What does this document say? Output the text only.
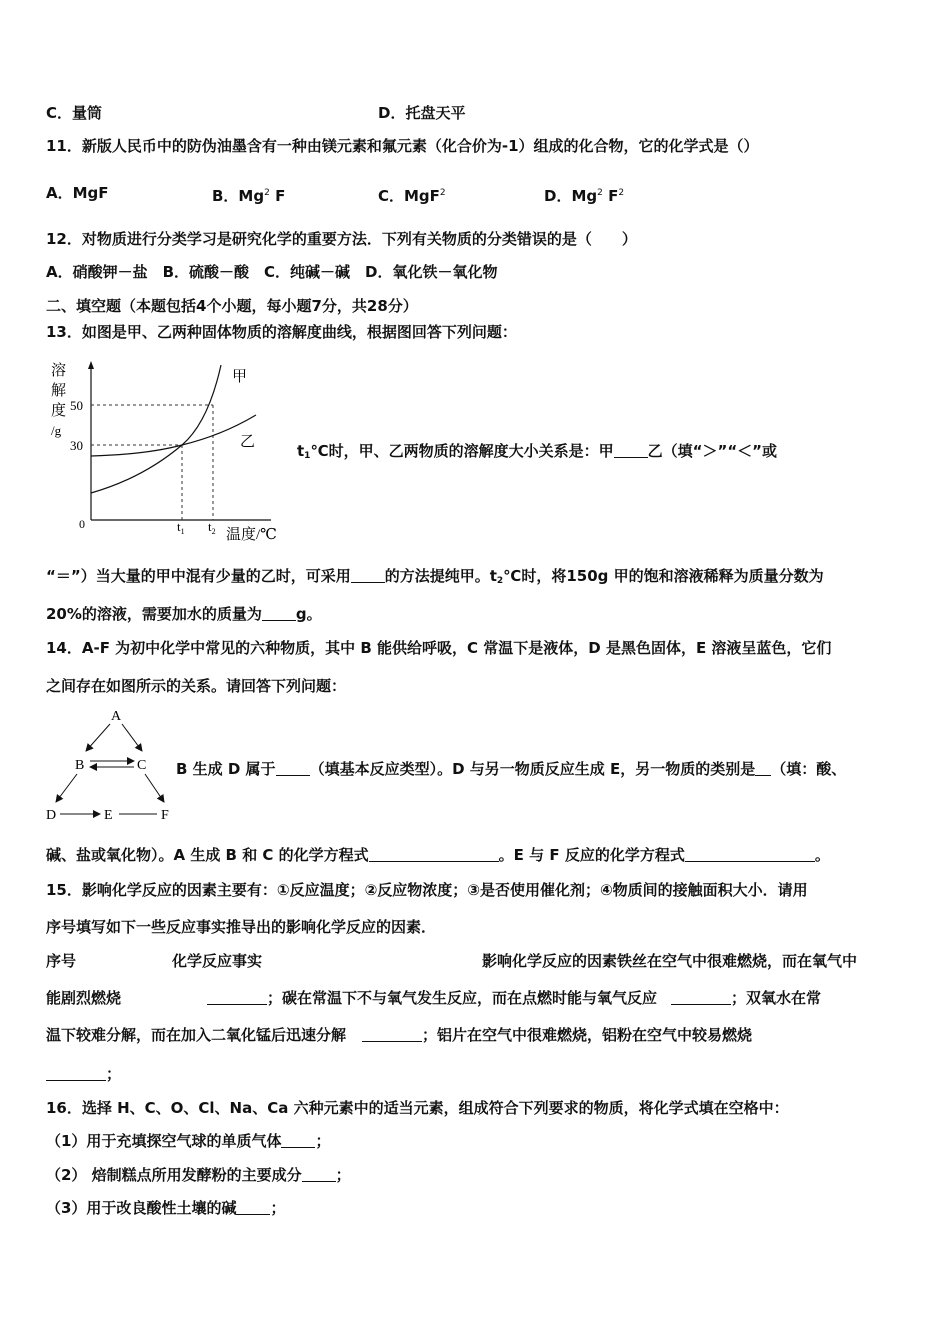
C．量筒	D．托盘天平
11．新版人民币中的防伪油墨含有一种由镁元素和氟元素（化合价为-1）组成的化合物，它的化学式是（）
A．MgF	B．Mg$^2$ F	C．MgF$^2$	D．Mg$^2$ $F^2$
12．对物质进行分类学习是研究化学的重要方法．下列有关物质的分类错误的是（　　）
A．硝酸钾－盐　B．硫酸－酸　C．纯碱－碱　D．氧化铁－氧化物
二、填空题（本题包括4个小题，每小题7分，共28分）
13．如图是甲、乙两种固体物质的溶解度曲线，根据图回答下列问题：
溶
解
度
/g
50
30
0	$t_1$ $t_2$ 温度/℃
甲
乙	$t_1℃$时，甲、乙两物质的溶解度大小关系是：甲 乙（填“＞”“＜”或
“＝”）当大量的甲中混有少量的乙时，可采用 的方法提纯甲。$t_2℃$时，将150g 甲的饱和溶液稀释为质量分数为
20%的溶液，需要加水的质量为 g。
14．A-F 为初中化学中常见的六种物质，其中 B 能供给呼吸，C 常温下是液体，D 是黑色固体，E 溶液呈蓝色，它们
之间存在如图所示的关系。请回答下列问题：
A
B	C
D	E	F
B 生成 D 属于 （填基本反应类型）。D 与另一物质反应生成 E，另一物质的类别是 （填：酸、
碱、盐或氧化物）。A 生成 B 和 C 的化学方程式	。E 与 F 反应的化学方程式	。
15．影响化学反应的因素主要有：①反应温度；②反应物浓度；③是否使用催化剂；④物质间的接触面积大小．请用
序号填写如下一些反应事实推导出的影响化学反应的因素．
序号	化学反应事实	影响化学反应的因素铁丝在空气中很难燃烧，而在氧气中
能剧烈燃烧	；碳在常温下不与氧气发生反应，而在点燃时能与氧气反应	；双氧水在常
温下较难分解，而在加入二氧化锰后迅速分解	；铝片在空气中很难燃烧，铝粉在空气中较易燃烧
；
16．选择 H、C、O、Cl、Na、Ca 六种元素中的适当元素，组成符合下列要求的物质，将化学式填在空格中：
（1）用于充填探空气球的单质气体 ；
（2） 焙制糕点所用发酵粉的主要成分 ；
（3）用于改良酸性土壤的碱 ；
